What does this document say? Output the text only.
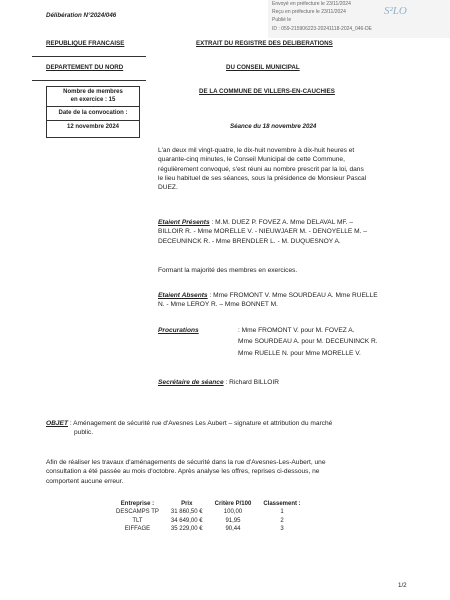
Envoyé en préfecture le 23/11/2024
Reçu en préfecture le 23/11/2024
Publié le
ID : 059-215906223-20241118-2024_046-DE
S²LO
Délibération N°2024/046
REPUBLIQUE FRANCAISE
DEPARTEMENT DU NORD
Nombre de membres
en exercice : 15
Date de la convocation :
12 novembre 2024
EXTRAIT DU REGISTRE DES DELIBERATIONS
DU CONSEIL MUNICIPAL
DE LA COMMUNE DE VILLERS-EN-CAUCHIES
Séance du 18 novembre 2024
L'an deux mil vingt-quatre, le dix-huit novembre à dix-huit heures et
quarante-cinq minutes, le Conseil Municipal de cette Commune,
régulièrement convoqué, s'est réuni au nombre prescrit par la loi, dans
le lieu habituel de ses séances, sous la présidence de Monsieur Pascal
DUEZ.
Etaient Présents : M.M. DUEZ P. FOVEZ A. Mme DELAVAL MF. –
BILLOIR R. - Mme MORELLE V. - NIEUWJAER M. - DENOYELLE M. –
DECEUNINCK R. - Mme BRENDLER L. - M. DUQUESNOY A.
Formant la majorité des membres en exercices.
Etaient Absents : Mme FROMONT V. Mme SOURDEAU A. Mme RUELLE
N. - Mme LEROY R. – Mme BONNET M.
Procurations	: Mme FROMONT V. pour M. FOVEZ A.
Mme SOURDEAU A. pour M. DECEUNINCK R.
Mme RUELLE N. pour Mme MORELLE V.
Secrétaire de séance : Richard BILLOIR
OBJET : Aménagement de sécurité rue d'Avesnes Les Aubert – signature et attribution du marché
public.
Afin de réaliser les travaux d'aménagements de sécurité dans la rue d'Avesnes-Les-Aubert, une
consultation a été passée au mois d'octobre. Après analyse les offres, reprises ci-dessous, ne
comportent aucune erreur.
Entreprise :	Prix	Critère P/100	Classement :
DESCAMPS TP	31 860,50 €	100,00	1
TLT	34 649,00 €	91,95	2
EIFFAGE	35 229,00 €	90,44	3
1/2
